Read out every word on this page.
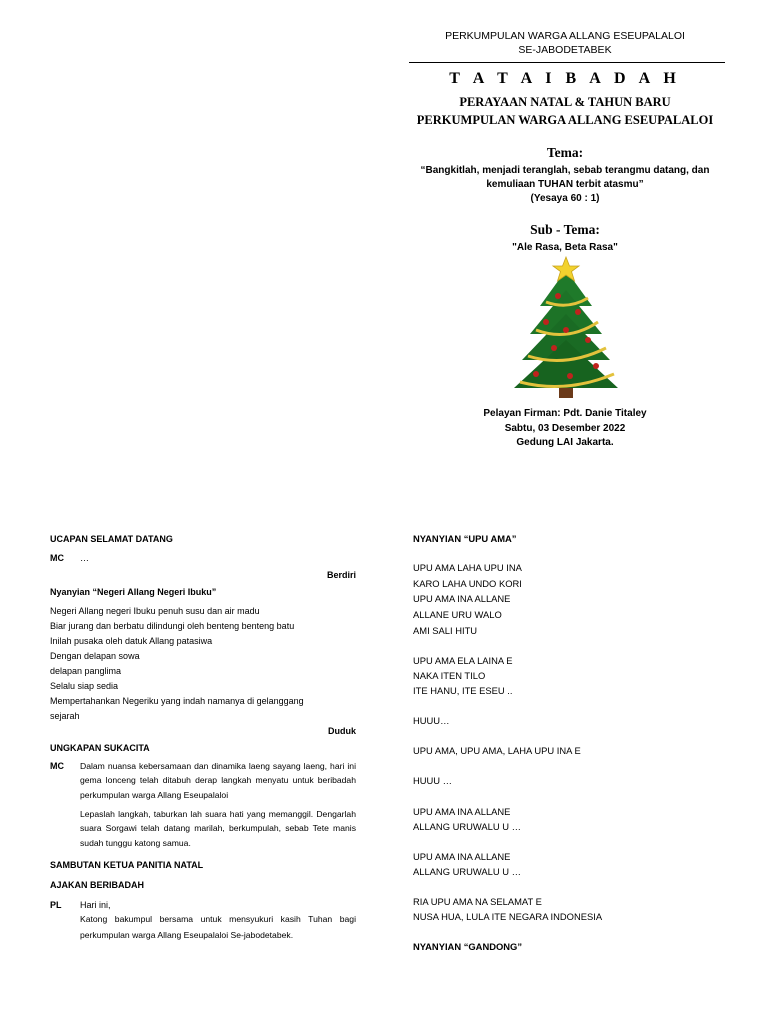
PERKUMPULAN WARGA ALLANG ESEUPALALOI
SE-JABODETABEK
T A T A I B A D A H
PERAYAAN NATAL & TAHUN BARU
PERKUMPULAN WARGA ALLANG ESEUPALALOI
Tema:
“Bangkitlah, menjadi teranglah, sebab terangmu datang, dan
kemuliaan TUHAN terbit atasmu”
(Yesaya 60 : 1)
Sub - Tema:
"Ale Rasa, Beta Rasa"
Pelayan Firman: Pdt. Danie Titaley
Sabtu, 03 Desember 2022
Gedung LAI Jakarta.
UCAPAN SELAMAT DATANG
MC …
Berdiri
Nyanyian “Negeri Allang Negeri Ibuku”
Negeri Allang negeri Ibuku penuh susu dan air madu
Biar jurang dan berbatu dilindungi oleh benteng benteng batu
Inilah pusaka oleh datuk Allang patasiwa
Dengan delapan sowa
delapan panglima
Selalu siap sedia
Mempertahankan Negeriku yang indah namanya di gelanggang
sejarah
Duduk
UNGKAPAN SUKACITA
MC Dalam nuansa kebersamaan dan dinamika laeng sayang laeng, hari ini gema lonceng telah ditabuh derap langkah menyatu untuk beribadah perkumpulan warga Allang Eseupalaloi
Lepaslah langkah, taburkan lah suara hati yang memanggil. Dengarlah suara Sorgawi telah datang marilah, berkumpulah, sebab Tete manis sudah tunggu katong samua.
SAMBUTAN KETUA PANITIA NATAL
AJAKAN BERIBADAH
PL Hari ini,
Katong bakumpul bersama untuk mensyukuri kasih Tuhan bagi perkumpulan warga Allang Eseupalaloi Se-jabodetabek.
NYANYIAN “UPU AMA”
UPU AMA LAHA UPU INA
KARO LAHA UNDO KORI
UPU AMA INA ALLANE
ALLANE URU WALO
AMI SALI HITU
UPU AMA ELA LAINA E
NAKA ITEN TILO
ITE HANU, ITE ESEU ..
HUUU…
UPU AMA, UPU AMA, LAHA UPU INA E
HUUU …
UPU AMA INA ALLANE
ALLANG URUWALU U …
UPU AMA INA ALLANE
ALLANG URUWALU U …
RIA UPU AMA NA SELAMAT E
NUSA HUA, LULA ITE NEGARA INDONESIA
NYANYIAN “GANDONG”
